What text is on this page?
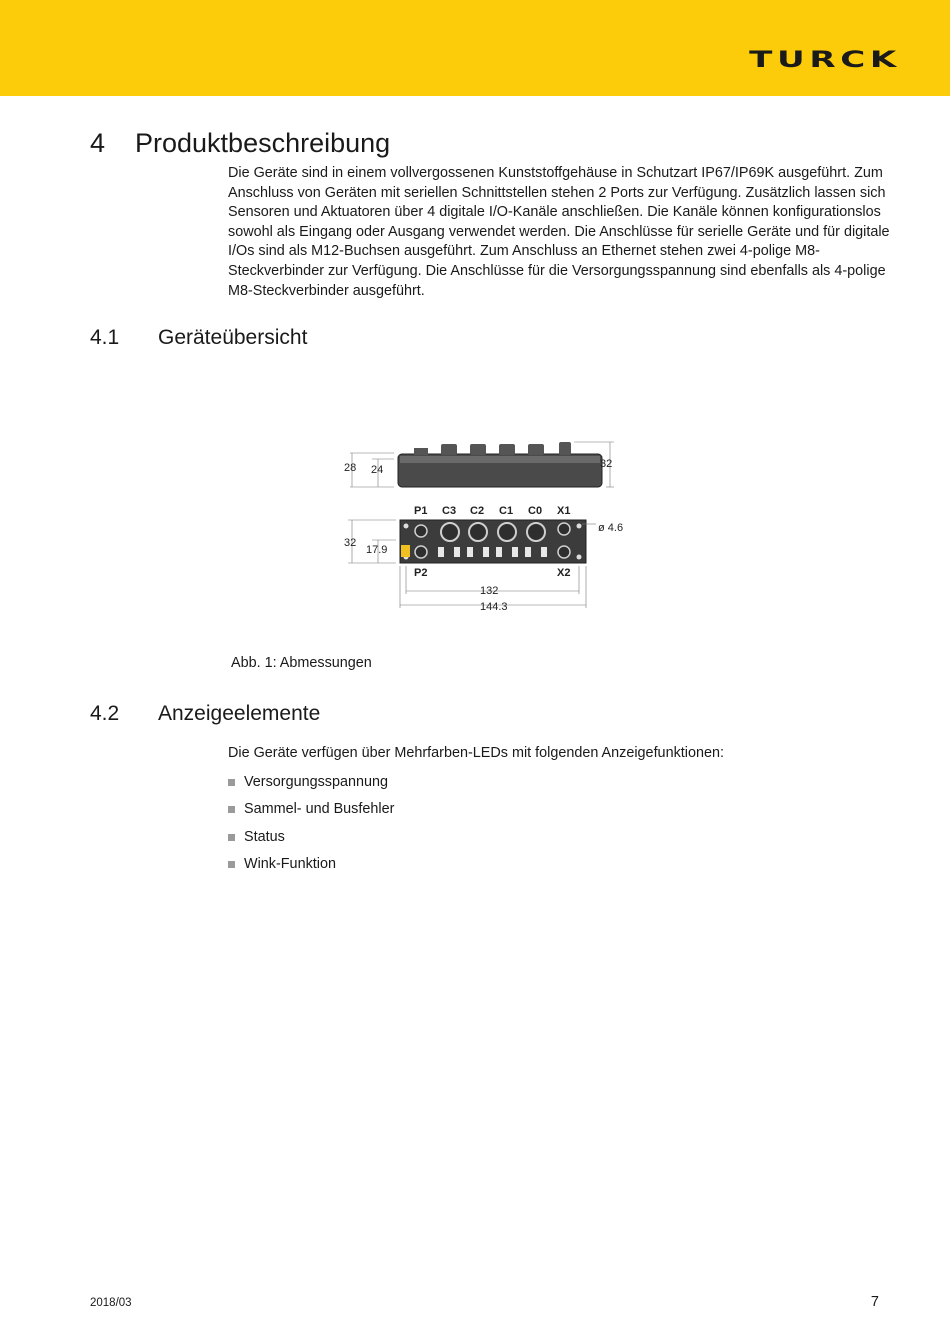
TURCK
4 Produktbeschreibung
Die Geräte sind in einem vollvergossenen Kunststoffgehäuse in Schutzart IP67/IP69K ausgeführt. Zum Anschluss von Geräten mit seriellen Schnittstellen stehen 2 Ports zur Verfügung. Zusätzlich lassen sich Sensoren und Aktuatoren über 4 digitale I/O-Kanäle anschließen. Die Kanäle können konfigurationslos sowohl als Eingang oder Ausgang verwendet werden. Die Anschlüsse für serielle Geräte und für digitale I/Os sind als M12-Buchsen ausgeführt. Zum Anschluss an Ethernet stehen zwei 4-polige M8-Steckverbinder zur Verfügung. Die Anschlüsse für die Versorgungsspannung sind ebenfalls als 4-polige M8-Steckverbinder ausgeführt.
4.1 Geräteübersicht
28 24	32
P1 C3 C2 C1 C0 X1
P2	X2
32
17.9
ø 4.6
132
144.3
Abb. 1: Abmessungen
4.2 Anzeigeelemente
Die Geräte verfügen über Mehrfarben-LEDs mit folgenden Anzeigefunktionen:
Versorgungsspannung
Sammel- und Busfehler
Status
Wink-Funktion
2018/03	7
